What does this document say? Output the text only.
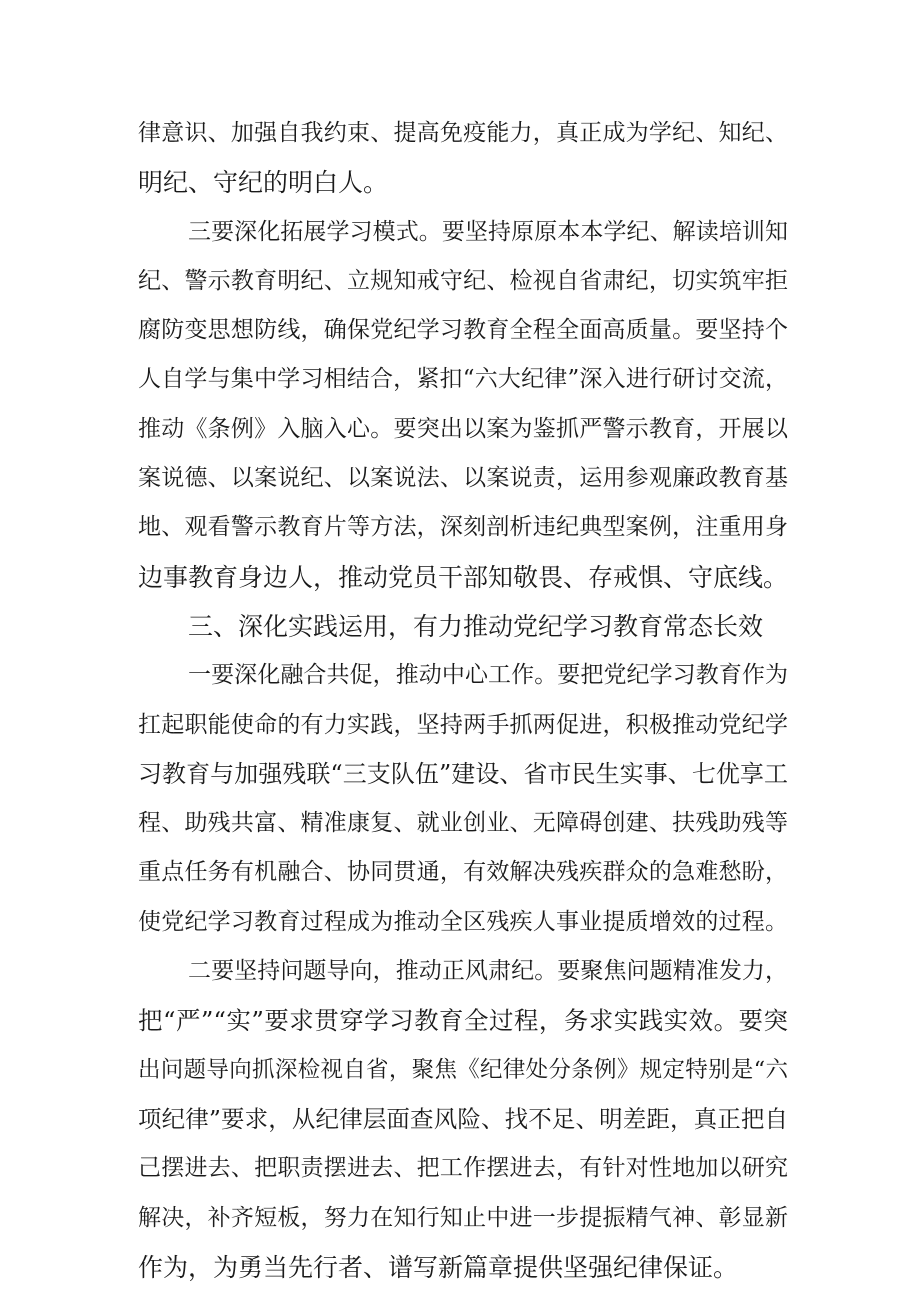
律意识、加强自我约束、提高免疫能力，真正成为学纪、知纪、
明纪、守纪的明白人。
三要深化拓展学习模式。要坚持原原本本学纪、解读培训知
纪、警示教育明纪、立规知戒守纪、检视自省肃纪，切实筑牢拒
腐防变思想防线，确保党纪学习教育全程全面高质量。要坚持个
人自学与集中学习相结合，紧扣“六大纪律”深入进行研讨交流，
推动《条例》入脑入心。要突出以案为鉴抓严警示教育，开展以
案说德、以案说纪、以案说法、以案说责，运用参观廉政教育基
地、观看警示教育片等方法，深刻剖析违纪典型案例，注重用身
边事教育身边人，推动党员干部知敬畏、存戒惧、守底线。
三、深化实践运用，有力推动党纪学习教育常态长效
一要深化融合共促，推动中心工作。要把党纪学习教育作为
扛起职能使命的有力实践，坚持两手抓两促进，积极推动党纪学
习教育与加强残联“三支队伍”建设、省市民生实事、七优享工
程、助残共富、精准康复、就业创业、无障碍创建、扶残助残等
重点任务有机融合、协同贯通，有效解决残疾群众的急难愁盼，
使党纪学习教育过程成为推动全区残疾人事业提质增效的过程。
二要坚持问题导向，推动正风肃纪。要聚焦问题精准发力，
把“严”“实”要求贯穿学习教育全过程，务求实践实效。要突
出问题导向抓深检视自省，聚焦《纪律处分条例》规定特别是“六
项纪律”要求，从纪律层面查风险、找不足、明差距，真正把自
己摆进去、把职责摆进去、把工作摆进去，有针对性地加以研究
解决，补齐短板，努力在知行知止中进一步提振精气神、彰显新
作为，为勇当先行者、谱写新篇章提供坚强纪律保证。
